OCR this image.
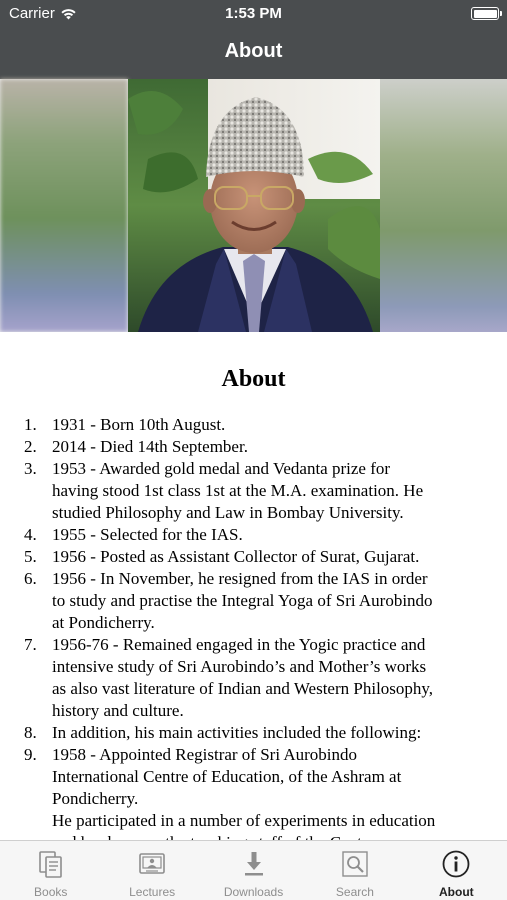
Carrier	1:53 PM
About
About
1. 1931 - Born 10th August.
2. 2014 - Died 14th September.
3. 1953 - Awarded gold medal and Vedanta prize for
having stood 1st class 1st at the M.A. examination. He
studied Philosophy and Law in Bombay University.
4. 1955 - Selected for the IAS.
5. 1956 - Posted as Assistant Collector of Surat, Gujarat.
6. 1956 - In November, he resigned from the IAS in order
to study and practise the Integral Yoga of Sri Aurobindo
at Pondicherry.
7. 1956-76 - Remained engaged in the Yogic practice and
intensive study of Sri Aurobindo’s and Mother’s works
as also vast literature of Indian and Western Philosophy,
history and culture.
8. In addition, his main activities included the following:
9. 1958 - Appointed Registrar of Sri Aurobindo
International Centre of Education, of the Ashram at
Pondicherry.
He participated in a number of experiments in education
Books	Lectures	Downloads	Search	About
